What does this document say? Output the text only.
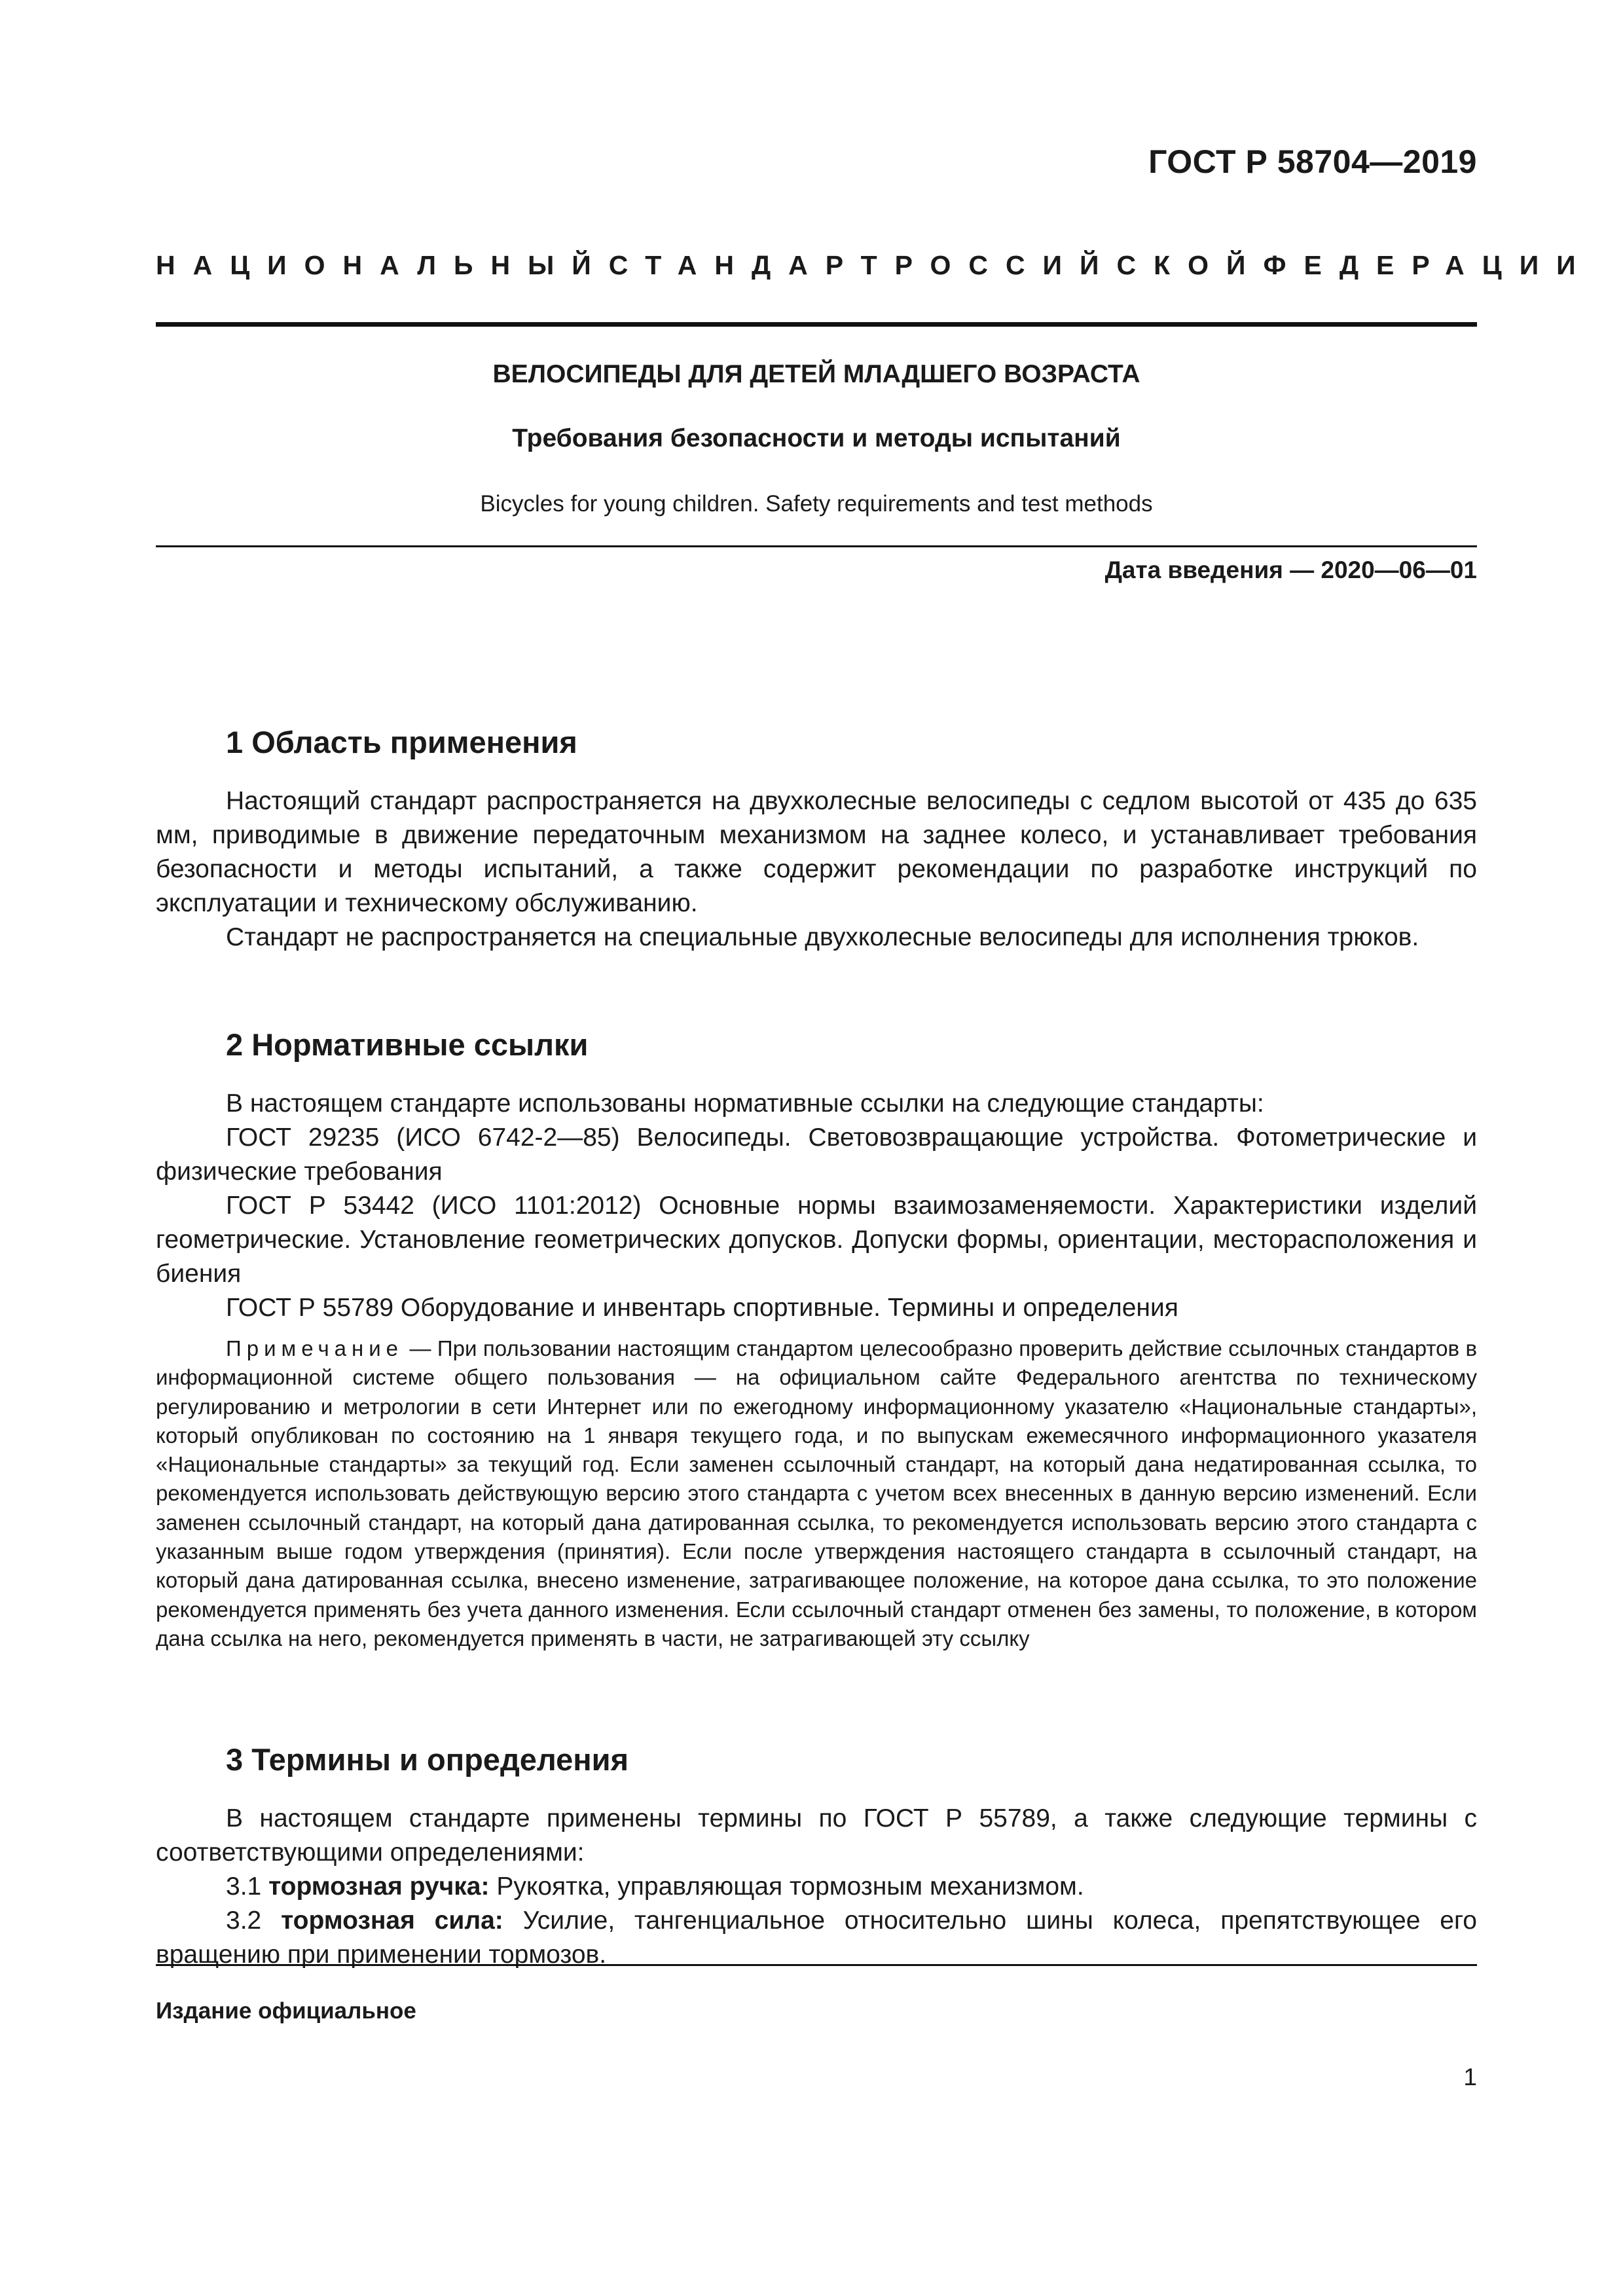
ГОСТ Р 58704—2019
НАЦИОНАЛЬНЫЙ СТАНДАРТ РОССИЙСКОЙ ФЕДЕРАЦИИ
ВЕЛОСИПЕДЫ ДЛЯ ДЕТЕЙ МЛАДШЕГО ВОЗРАСТА
Требования безопасности и методы испытаний
Bicycles for young children. Safety requirements and test methods
Дата введения — 2020—06—01
1 Область применения

Настоящий стандарт распространяется на двухколесные велосипеды с седлом высотой от 435 до 635 мм, приводимые в движение передаточным механизмом на заднее колесо, и устанавливает требования безопасности и методы испытаний, а также содержит рекомендации по разработке инструкций по эксплуатации и техническому обслуживанию.

Стандарт не распространяется на специальные двухколесные велосипеды для исполнения трюков.

2 Нормативные ссылки

В настоящем стандарте использованы нормативные ссылки на следующие стандарты:

ГОСТ 29235 (ИСО 6742-2—85) Велосипеды. Световозвращающие устройства. Фотометрические и физические требования

ГОСТ Р 53442 (ИСО 1101:2012) Основные нормы взаимозаменяемости. Характеристики изделий геометрические. Установление геометрических допусков. Допуски формы, ориентации, месторасположения и биения

ГОСТ Р 55789 Оборудование и инвентарь спортивные. Термины и определения

Примечание — При пользовании настоящим стандартом целесообразно проверить действие ссылочных стандартов в информационной системе общего пользования — на официальном сайте Федерального агентства по техническому регулированию и метрологии в сети Интернет или по ежегодному информационному указателю «Национальные стандарты», который опубликован по состоянию на 1 января текущего года, и по выпускам ежемесячного информационного указателя «Национальные стандарты» за текущий год. Если заменен ссылочный стандарт, на который дана недатированная ссылка, то рекомендуется использовать действующую версию этого стандарта с учетом всех внесенных в данную версию изменений. Если заменен ссылочный стандарт, на который дана датированная ссылка, то рекомендуется использовать версию этого стандарта с указанным выше годом утверждения (принятия). Если после утверждения настоящего стандарта в ссылочный стандарт, на который дана датированная ссылка, внесено изменение, затрагивающее положение, на которое дана ссылка, то это положение рекомендуется применять без учета данного изменения. Если ссылочный стандарт отменен без замены, то положение, в котором дана ссылка на него, рекомендуется применять в части, не затрагивающей эту ссылку

3 Термины и определения

В настоящем стандарте применены термины по ГОСТ Р 55789, а также следующие термины с соответствующими определениями:

3.1 тормозная ручка: Рукоятка, управляющая тормозным механизмом.

3.2 тормозная сила: Усилие, тангенциальное относительно шины колеса, препятствующее его вращению при применении тормозов.

Издание официальное
1
